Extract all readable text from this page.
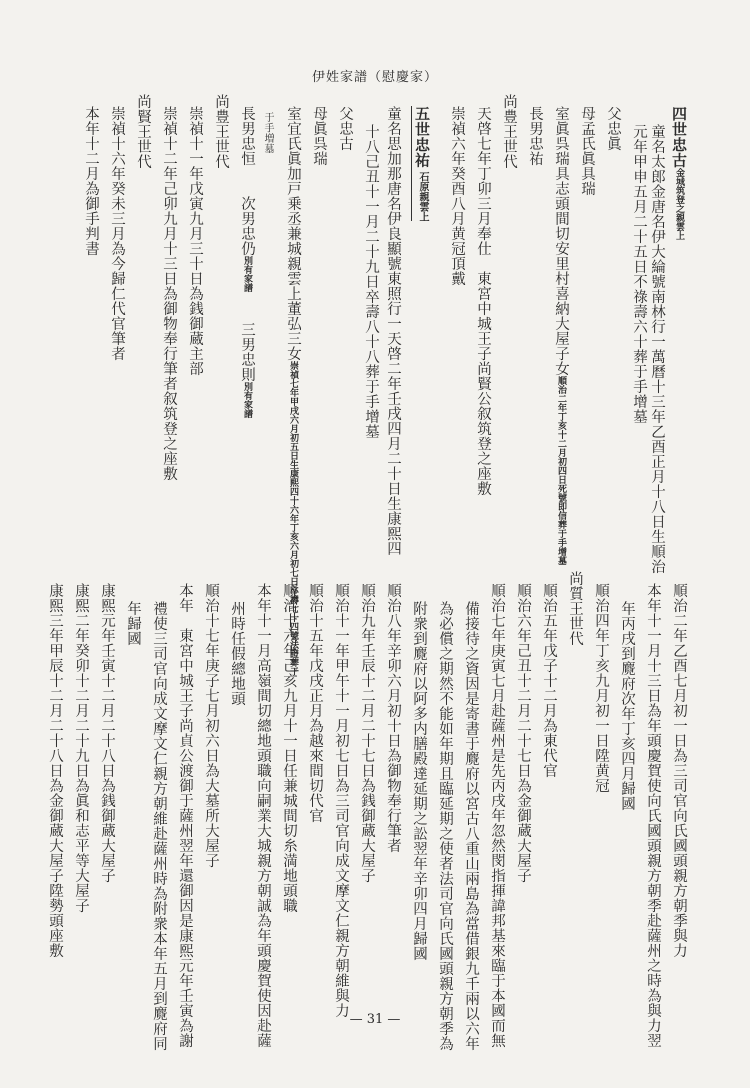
伊姓家譜（慰慶家）
四世忠古金城筑登之親雲上
童名太郎金唐名伊大綸號南林行一萬曆十三年乙酉正月十八日生順治
元年甲申五月二十五日不祿壽六十葬于手增墓
父忠眞
母孟氏眞具瑞
室眞呉瑞具志頭間切安里村喜納大屋子女順治二年丁亥十二月初四日死號即信葬于手增墓
長男忠祐
尚豊王世代
天啓七年丁卯三月奉仕　東宮中城王子尚賢公叙筑登之座敷
崇禎六年癸酉八月黄冠頂戴
五世忠祐 石原親雲上
童名思加那唐名伊良顯號東照行一天啓二年壬戌四月二十日生康熙四
十八己丑十一月二十九日卒壽八十八葬于手增墓
父忠古
母眞呉瑞
室宜氏眞加戸乗丞兼城親雲上董弘三女崇禎七年甲戌六月初五日生康熙四十六年丁亥六月初七日卒壽七十四號法證葬于
于手増墓
長男忠恒　　次男忠仍別有家譜　　三男忠則別有家譜
尚豊王世代
崇禎十一年戊寅九月三十日為銭御蔵主部
崇禎十二年己卯九月十三日為御物奉行筆者叙筑登之座敷
尚賢王世代
崇禎十六年癸未三月為今歸仁代官筆者
本年十二月為御手判書
順治二年乙酉七月初一日為三司官向氏國頭親方朝季與力
本年十一月十三日為年頭慶賀使向氏國頭親方朝季赴薩州之時為與力翌
年丙戌到麑府次年丁亥四月歸國
順治四年丁亥九月初一日陞黄冠
尚質王世代
順治五年戊子十二月為東代官
順治六年己丑十二月二十七日為金御蔵大屋子
順治七年庚寅七月赴薩州是先丙戌年忽然閔指揮諱邦基來臨于本國而無
備接待之資因是寄書于麑府以宮古八重山兩島為當借銀九千兩以六年
為必償之期然不能如年期且臨延期之使者法司官向氏國頭親方朝季為
附衆到麑府以阿多内膳殿達延期之訟翌年辛卯四月歸國
順治八年辛卯六月初十日為御物奉行筆者
順治九年壬辰十二月二十七日為銭御蔵大屋子
順治十一年甲午十一月初七日為三司官向成文摩文仁親方朝維與力
順治十五年戊戌正月為越來間切代官
順治十六年己亥九月十一日任兼城間切糸満地頭職
本年十一月高嶺間切總地頭職向嗣業大城親方朝誠為年頭慶賀使因赴薩
州時任假總地頭
順治十七年庚子七月初六日為大墓所大屋子
本年　東宮中城王子尚貞公渡御于薩州翌年還御因是康熙元年壬寅為謝
禮使三司官向成文摩文仁親方朝維赴薩州時為附衆本年五月到麑府同
年歸國
康熙元年壬寅十二月二十八日為銭御蔵大屋子
康熙二年癸卯十二月二十九日為眞和志平等大屋子
康熙三年甲辰十二月二十八日為金御蔵大屋子陞勢頭座敷
— 31 —
